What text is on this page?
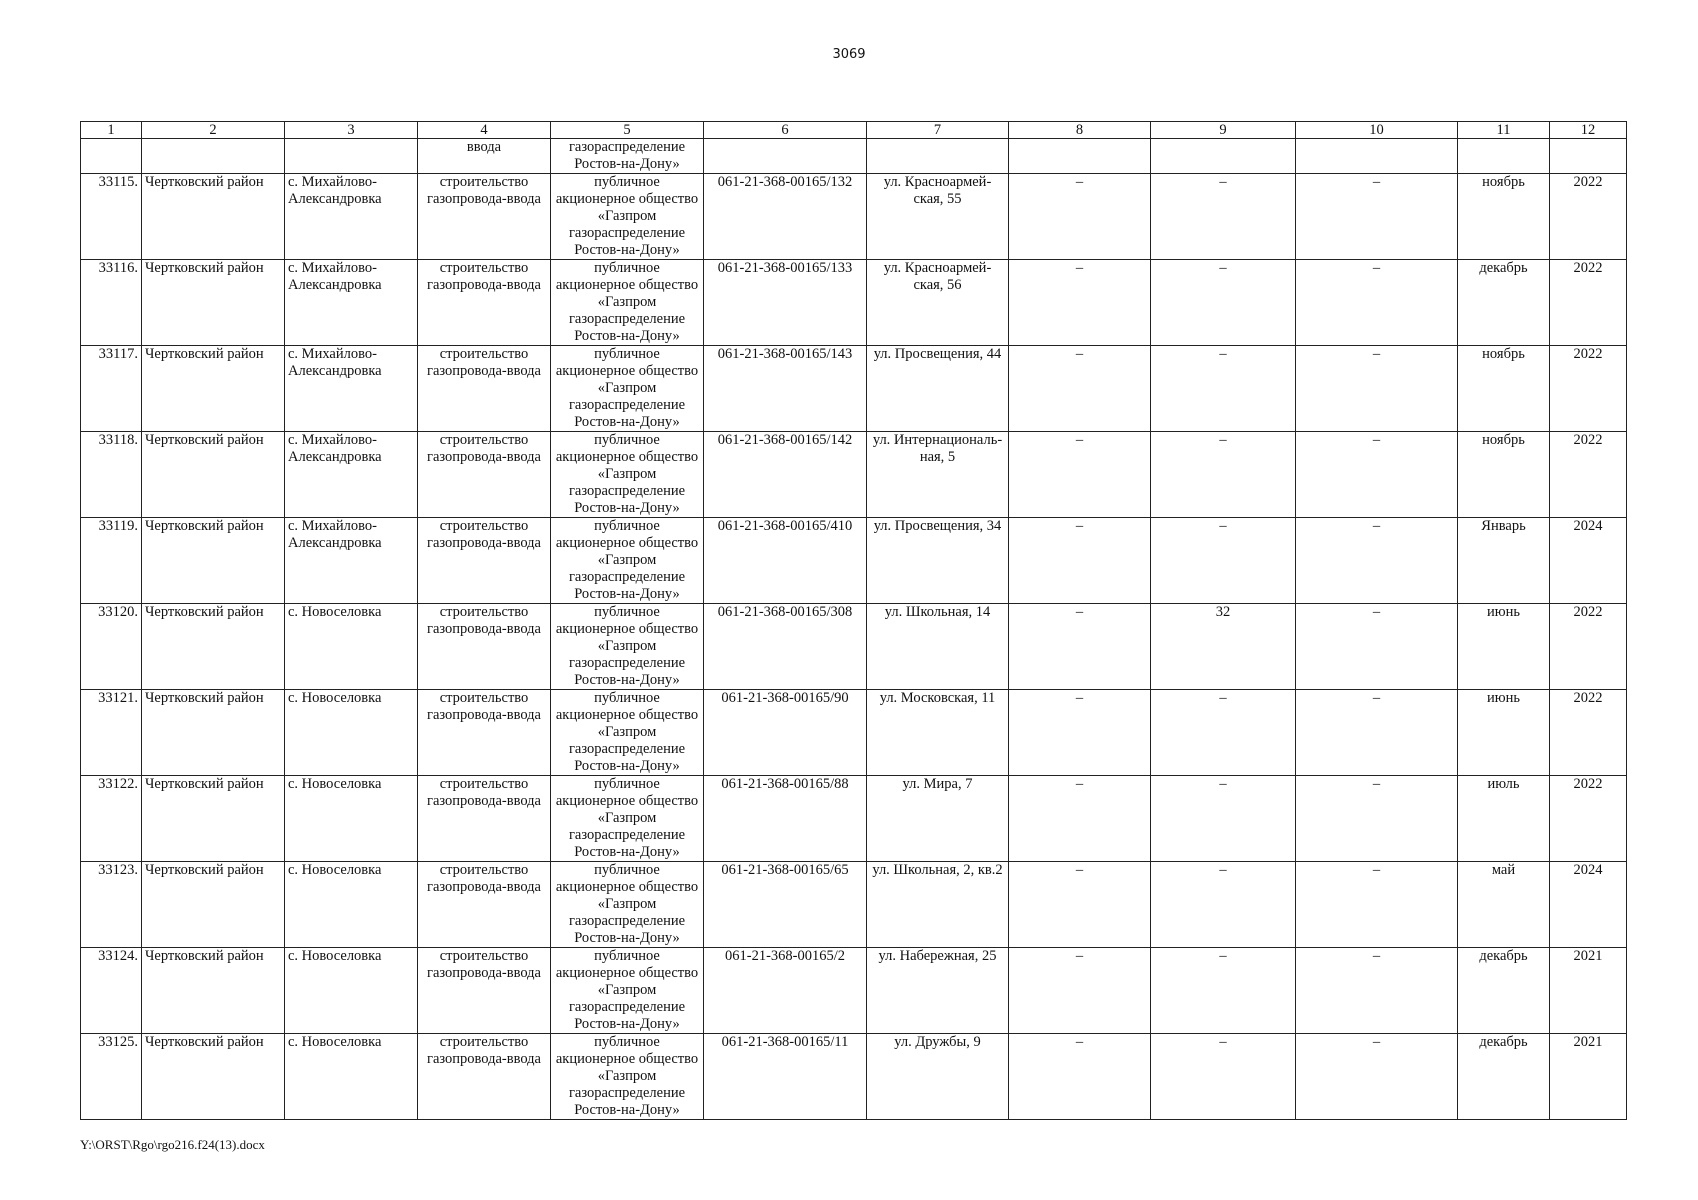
3069
1	2	3	4	5	6	7	8	9	10	11	12
			ввода	газораспределение Ростов-на-Дону»							
33115.	Чертковский район	с. Михайлово-Александровка	строительство газопровода-ввода	публичное акционерное общество «Газпром газораспределение Ростов-на-Дону»	061-21-368-00165/132	ул. Красноармей-ская, 55	–	–	–	ноябрь	2022
33116.	Чертковский район	с. Михайлово-Александровка	строительство газопровода-ввода	публичное акционерное общество «Газпром газораспределение Ростов-на-Дону»	061-21-368-00165/133	ул. Красноармей-ская, 56	–	–	–	декабрь	2022
33117.	Чертковский район	с. Михайлово-Александровка	строительство газопровода-ввода	публичное акционерное общество «Газпром газораспределение Ростов-на-Дону»	061-21-368-00165/143	ул. Просвещения, 44	–	–	–	ноябрь	2022
33118.	Чертковский район	с. Михайлово-Александровка	строительство газопровода-ввода	публичное акционерное общество «Газпром газораспределение Ростов-на-Дону»	061-21-368-00165/142	ул. Интернациональ-ная, 5	–	–	–	ноябрь	2022
33119.	Чертковский район	с. Михайлово-Александровка	строительство газопровода-ввода	публичное акционерное общество «Газпром газораспределение Ростов-на-Дону»	061-21-368-00165/410	ул. Просвещения, 34	–	–	–	Январь	2024
33120.	Чертковский район	с. Новоселовка	строительство газопровода-ввода	публичное акционерное общество «Газпром газораспределение Ростов-на-Дону»	061-21-368-00165/308	ул. Школьная, 14	–	32	–	июнь	2022
33121.	Чертковский район	с. Новоселовка	строительство газопровода-ввода	публичное акционерное общество «Газпром газораспределение Ростов-на-Дону»	061-21-368-00165/90	ул. Московская, 11	–	–	–	июнь	2022
33122.	Чертковский район	с. Новоселовка	строительство газопровода-ввода	публичное акционерное общество «Газпром газораспределение Ростов-на-Дону»	061-21-368-00165/88	ул. Мира, 7	–	–	–	июль	2022
33123.	Чертковский район	с. Новоселовка	строительство газопровода-ввода	публичное акционерное общество «Газпром газораспределение Ростов-на-Дону»	061-21-368-00165/65	ул. Школьная, 2, кв.2	–	–	–	май	2024
33124.	Чертковский район	с. Новоселовка	строительство газопровода-ввода	публичное акционерное общество «Газпром газораспределение Ростов-на-Дону»	061-21-368-00165/2	ул. Набережная, 25	–	–	–	декабрь	2021
33125.	Чертковский район	с. Новоселовка	строительство газопровода-ввода	публичное акционерное общество «Газпром газораспределение Ростов-на-Дону»	061-21-368-00165/11	ул. Дружбы, 9	–	–	–	декабрь	2021
Y:\ORST\Rgo\rgo216.f24(13).docx
